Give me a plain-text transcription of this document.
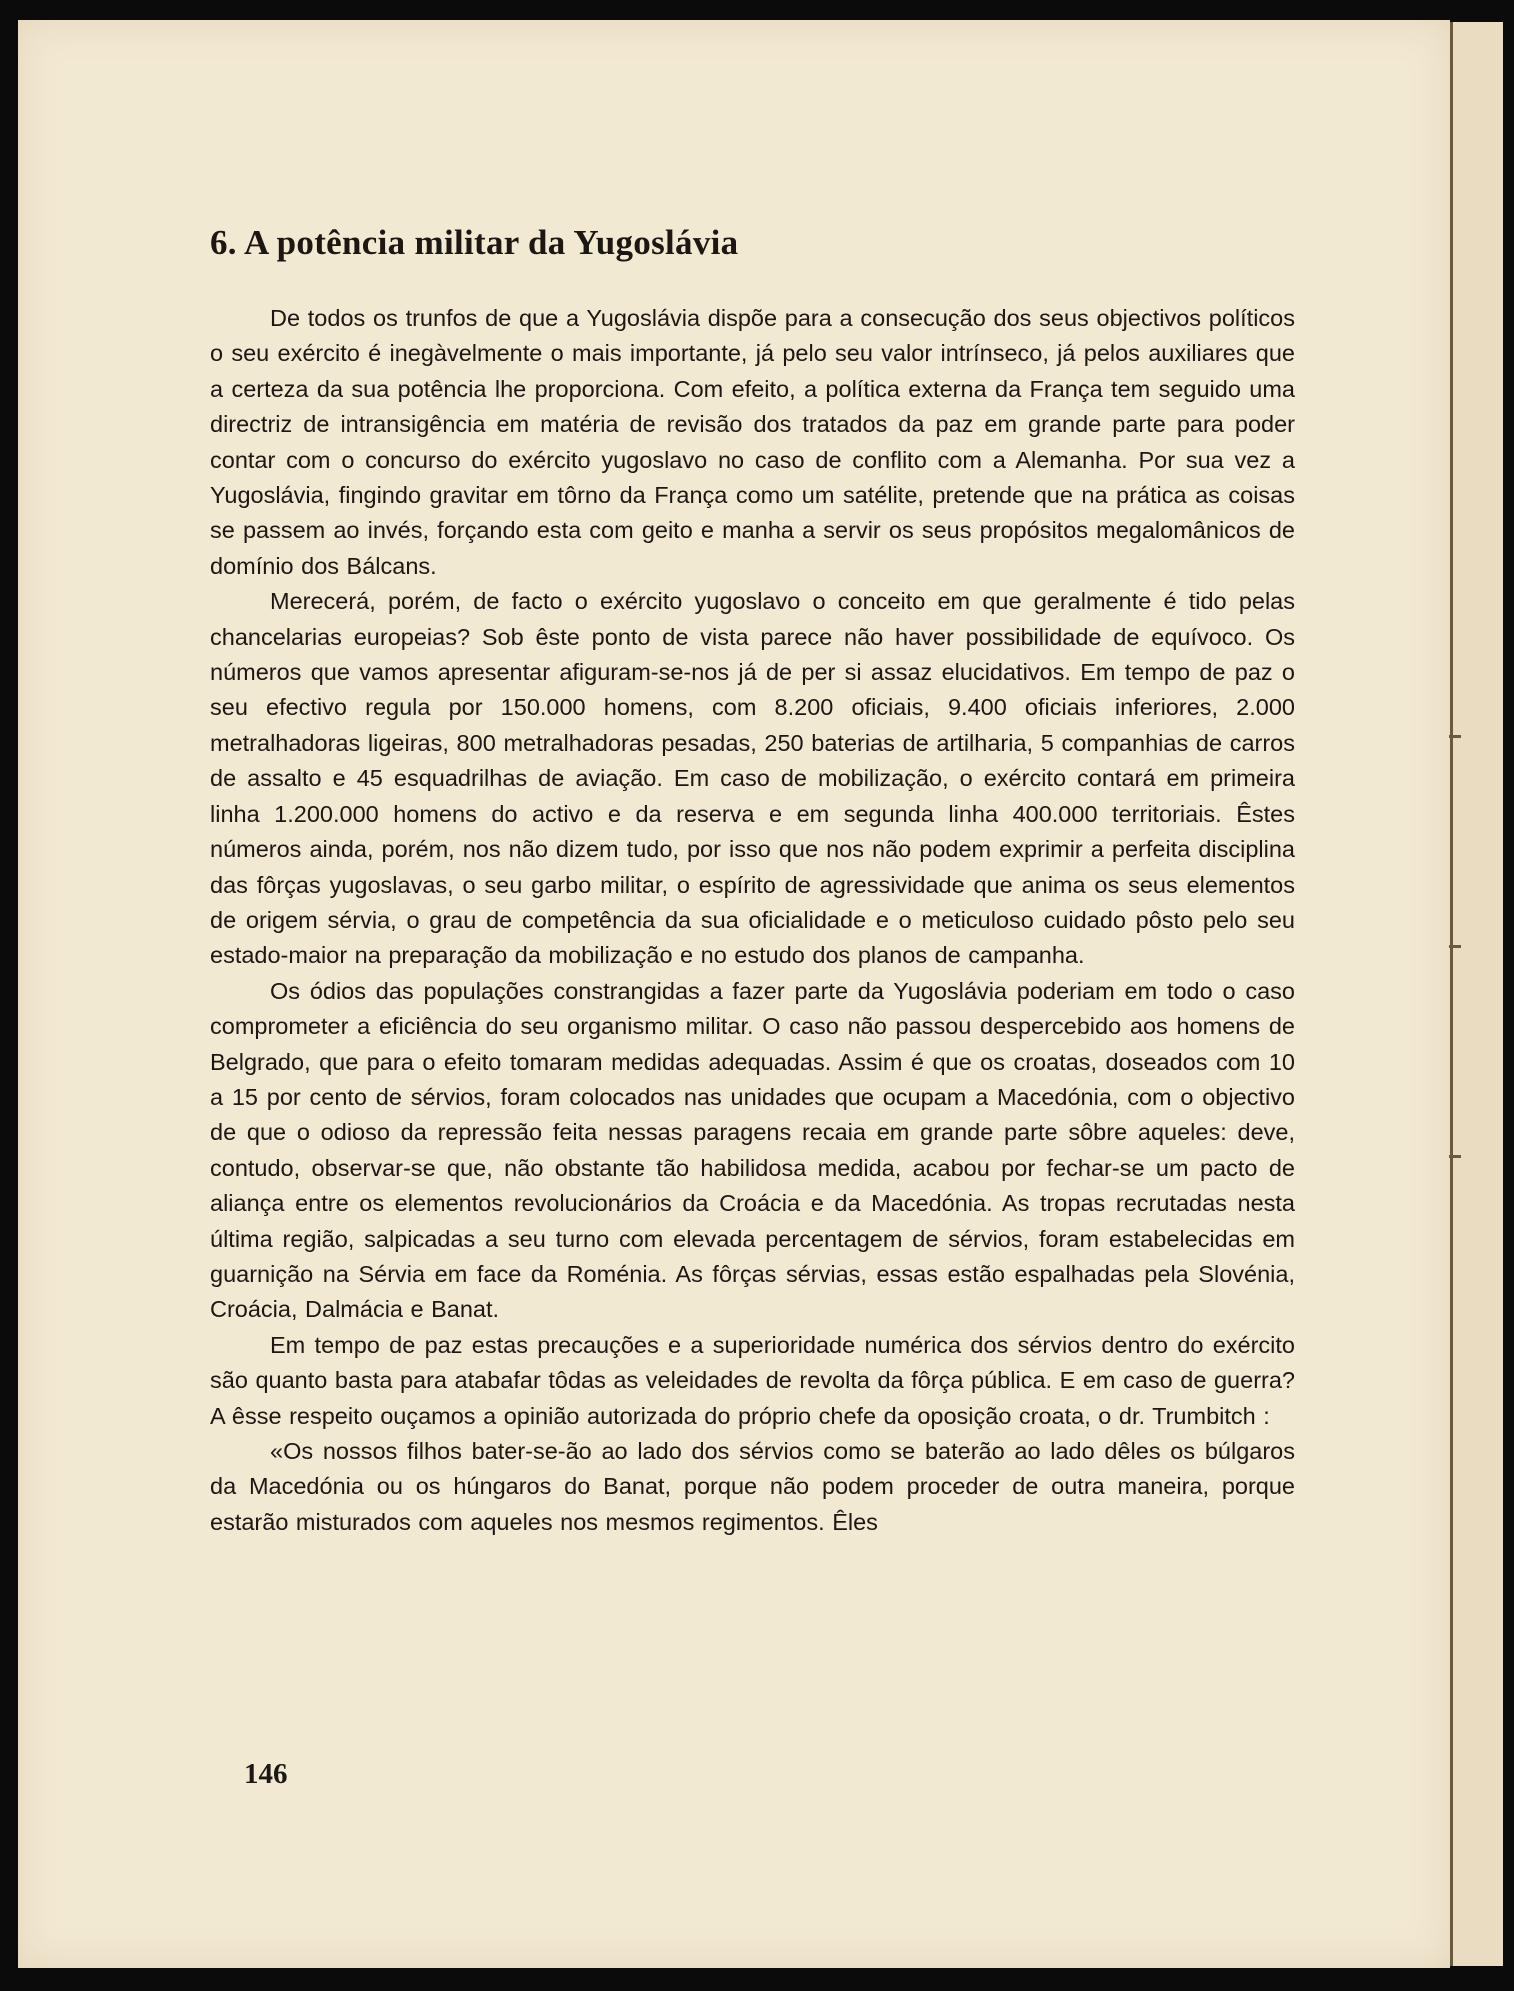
6. A potência militar da Yugoslávia

De todos os trunfos de que a Yugoslávia dispõe para a consecução dos seus objectivos políticos o seu exército é inegàvelmente o mais importante, já pelo seu valor intrínseco, já pelos auxiliares que a certeza da sua potência lhe proporciona. Com efeito, a política externa da França tem seguido uma directriz de intransigência em matéria de revisão dos tratados da paz em grande parte para poder contar com o concurso do exército yugoslavo no caso de conflito com a Alemanha. Por sua vez a Yugoslávia, fingindo gravitar em tôrno da França como um satélite, pretende que na prática as coisas se passem ao invés, forçando esta com geito e manha a servir os seus propósitos megalomânicos de domínio dos Bálcans.

Merecerá, porém, de facto o exército yugoslavo o conceito em que geralmente é tido pelas chancelarias europeias? Sob êste ponto de vista parece não haver possibilidade de equívoco. Os números que vamos apresentar afiguram-se-nos já de per si assaz elucidativos. Em tempo de paz o seu efectivo regula por 150.000 homens, com 8.200 oficiais, 9.400 oficiais inferiores, 2.000 metralhadoras ligeiras, 800 metralhadoras pesadas, 250 baterias de artilharia, 5 companhias de carros de assalto e 45 esquadrilhas de aviação. Em caso de mobilização, o exército contará em primeira linha 1.200.000 homens do activo e da reserva e em segunda linha 400.000 territoriais. Êstes números ainda, porém, nos não dizem tudo, por isso que nos não podem exprimir a perfeita disciplina das fôrças yugoslavas, o seu garbo militar, o espírito de agressividade que anima os seus elementos de origem sérvia, o grau de competência da sua oficialidade e o meticuloso cuidado pôsto pelo seu estado-maior na preparação da mobilização e no estudo dos planos de campanha.

Os ódios das populações constrangidas a fazer parte da Yugoslávia poderiam em todo o caso comprometer a eficiência do seu organismo militar. O caso não passou despercebido aos homens de Belgrado, que para o efeito tomaram medidas adequadas. Assim é que os croatas, doseados com 10 a 15 por cento de sérvios, foram colocados nas unidades que ocupam a Macedónia, com o objectivo de que o odioso da repressão feita nessas paragens recaia em grande parte sôbre aqueles: deve, contudo, observar-se que, não obstante tão habilidosa medida, acabou por fechar-se um pacto de aliança entre os elementos revolucionários da Croácia e da Macedónia. As tropas recrutadas nesta última região, salpicadas a seu turno com elevada percentagem de sérvios, foram estabelecidas em guarnição na Sérvia em face da Roménia. As fôrças sérvias, essas estão espalhadas pela Slovénia, Croácia, Dalmácia e Banat.

Em tempo de paz estas precauções e a superioridade numérica dos sérvios dentro do exército são quanto basta para atabafar tôdas as veleidades de revolta da fôrça pública. E em caso de guerra? A êsse respeito ouçamos a opinião autorizada do próprio chefe da oposição croata, o dr. Trumbitch :

«Os nossos filhos bater-se-ão ao lado dos sérvios como se baterão ao lado dêles os búlgaros da Macedónia ou os húngaros do Banat, porque não podem proceder de outra maneira, porque estarão misturados com aqueles nos mesmos regimentos. Êles

146
